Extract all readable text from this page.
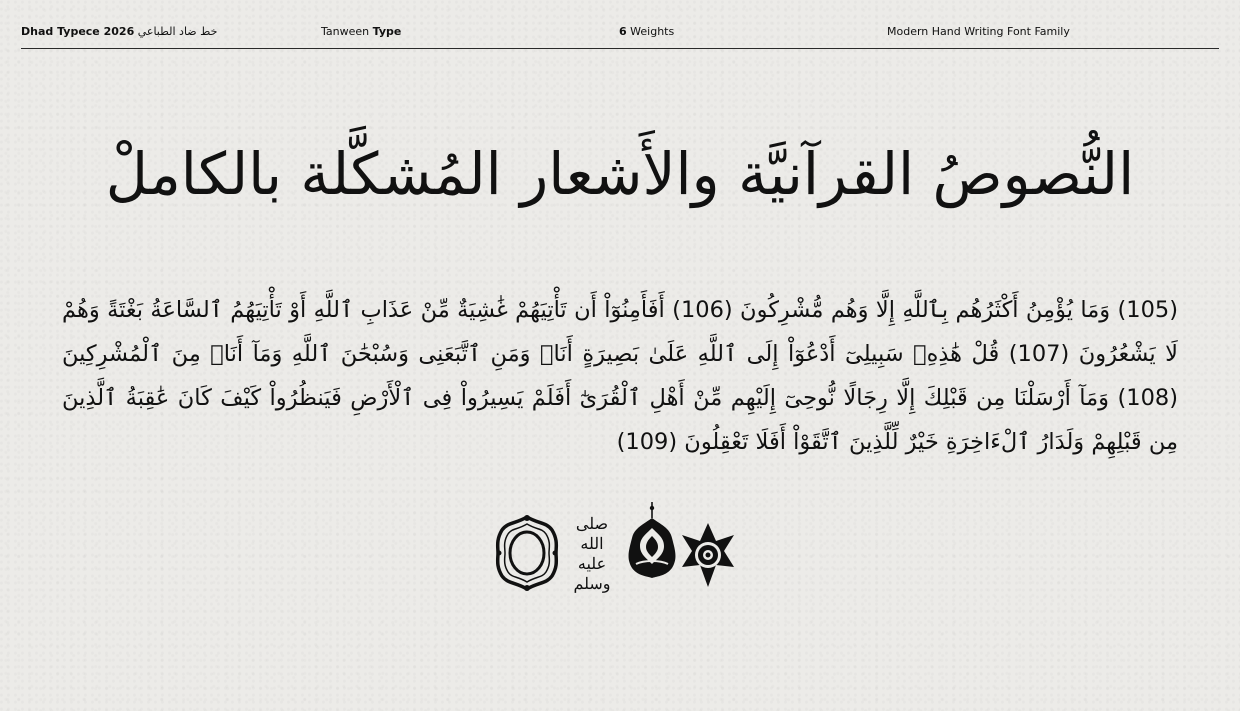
Dhad Typece 2026 خط ضاد الطباعي	Tanween Type	6 Weights	Modern Hand Writing Font Family
النُّصوصُ القرآنيَّة والأَشعار المُشكَّلة بالكاملْ
(105) وَمَا يُؤْمِنُ أَكْثَرُهُم بِٱللَّهِ إِلَّا وَهُم مُّشْرِكُونَ (106) أَفَأَمِنُوٓاْ أَن تَأْتِيَهُمْ غَٰشِيَةٌ مِّنْ عَذَابِ ٱللَّهِ أَوْ تَأْتِيَهُمُ ٱلسَّاعَةُ بَغْتَةً وَهُمْ لَا يَشْعُرُونَ (107) قُلْ هَٰذِهِۦ سَبِيلِىٓ أَدْعُوٓاْ إِلَى ٱللَّهِ عَلَىٰ بَصِيرَةٍ أَنَا۠ وَمَنِ ٱتَّبَعَنِى وَسُبْحَٰنَ ٱللَّهِ وَمَآ أَنَا۠ مِنَ ٱلْمُشْرِكِينَ (108) وَمَآ أَرْسَلْنَا مِن قَبْلِكَ إِلَّا رِجَالًا نُّوحِىٓ إِلَيْهِم مِّنْ أَهْلِ ٱلْقُرَىٰٓ أَفَلَمْ يَسِيرُواْ فِى ٱلْأَرْضِ فَيَنظُرُواْ كَيْفَ كَانَ عَٰقِبَةُ ٱلَّذِينَ مِن قَبْلِهِمْ وَلَدَارُ ٱلْءَاخِرَةِ خَيْرٌ لِّلَّذِينَ ٱتَّقَوْاْ أَفَلَا تَعْقِلُونَ (109)
صلى الله عليه وسلم
